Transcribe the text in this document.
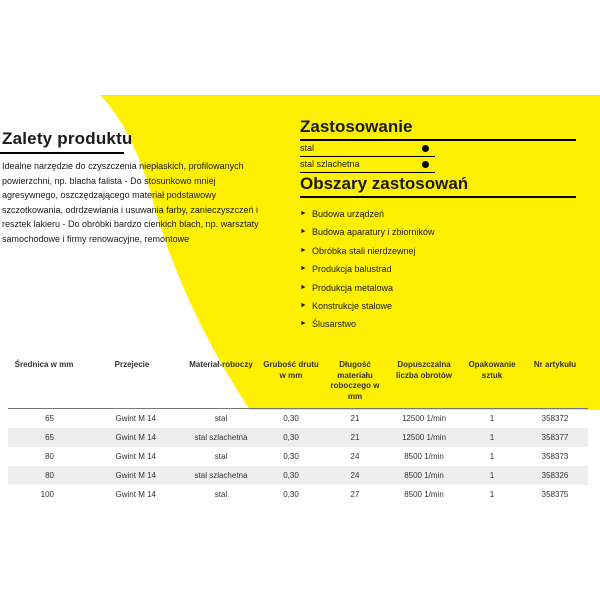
Zalety produktu

Idealne narzędzie do czyszczenia niepłaskich, profilowanych powierzchni, np. blacha falista - Do stosunkowo mniej agresywnego, oszczędzającego materiał podstawowy szczotkowania, odrdzewiania i usuwania farby, zanieczyszczeń i resztek lakieru - Do obróbki bardzo cienkich blach, np. warsztaty samochodowe i firmy renowacyjne, remontowe

Zastosowanie
stal
stal szlachetna
Obszary zastosowań
► Budowa urządzeń
► Budowa aparatury i zbiorników
► Obróbka stali nierdzewnej
► Produkcja balustrad
► Produkcja metalowa
► Konstrukcje stalowe
► Ślusarstwo
Średnica w mm	Przejecie	Materiał-roboczy	Grubość drutu w mm	Długość materiału roboczego w mm	Dopuszczalna liczba obrotów	Opakowanie sztuk	Nr artykułu

65	Gwint M 14	stal	0,30	21	12500 1/min	1	358372
65	Gwint M 14	stal szlachetna	0,30	21	12500 1/min	1	358377
80	Gwint M 14	stal	0,30	24	8500 1/min	1	358373
80	Gwint M 14	stal szlachetna	0,30	24	8500 1/min	1	358326
100	Gwint M 14	stal	0,30	27	8500 1/min	1	358375
